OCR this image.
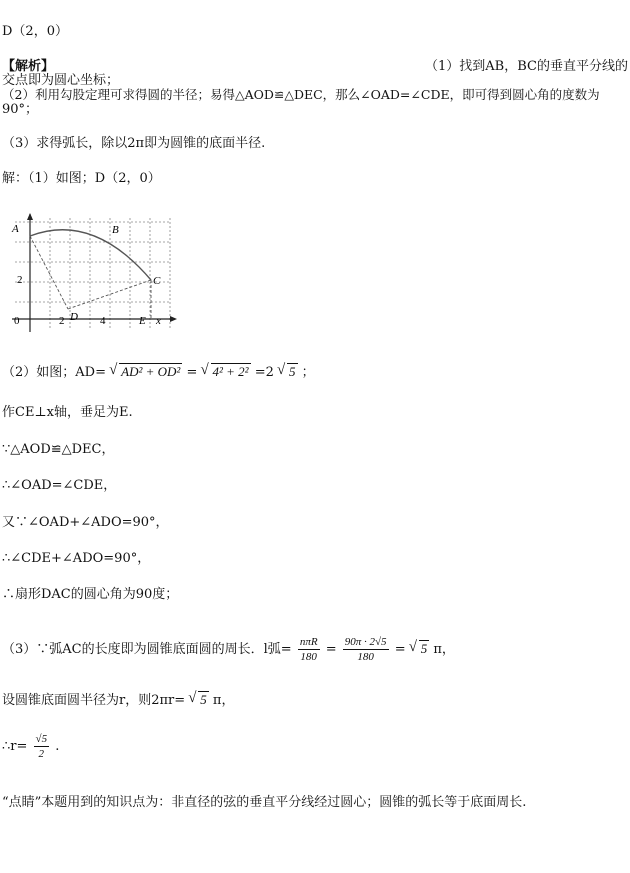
D（2，0）
【解析】	（1）找到AB，BC的垂直平分线的
交点即为圆心坐标；
（2）利用勾股定理可求得圆的半径；易得△AOD≌△DEC，那么∠OAD=∠CDE，即可得到圆心角的度数为
90°；
（3）求得弧长，除以2π即为圆锥的底面半径.
解：（1）如图；D（2，0）
A	B
C
D	E x
2
0	2	4
（2）如图；AD= √ AD² + OD² = √ 4² + 2² =2 √ 5 ；
作CE⊥x轴，垂足为E.
∵△AOD≌△DEC，
∴∠OAD=∠CDE，
又∵∠OAD+∠ADO=90°，
∴∠CDE+∠ADO=90°，
∴扇形DAC的圆心角为90度；
（3）∵弧AC的长度即为圆锥底面圆的周长．l弧= $\frac{\text{nπR}}{180} = \frac{90\pi \cdot 2√5}{180}$ = √ 5 π，
设圆锥底面圆半径为r，则2πr= √ 5 π，
∴r= $\frac{√5}{2}$ .
“点睛”本题用到的知识点为：非直径的弦的垂直平分线经过圆心；圆锥的弧长等于底面周长.
